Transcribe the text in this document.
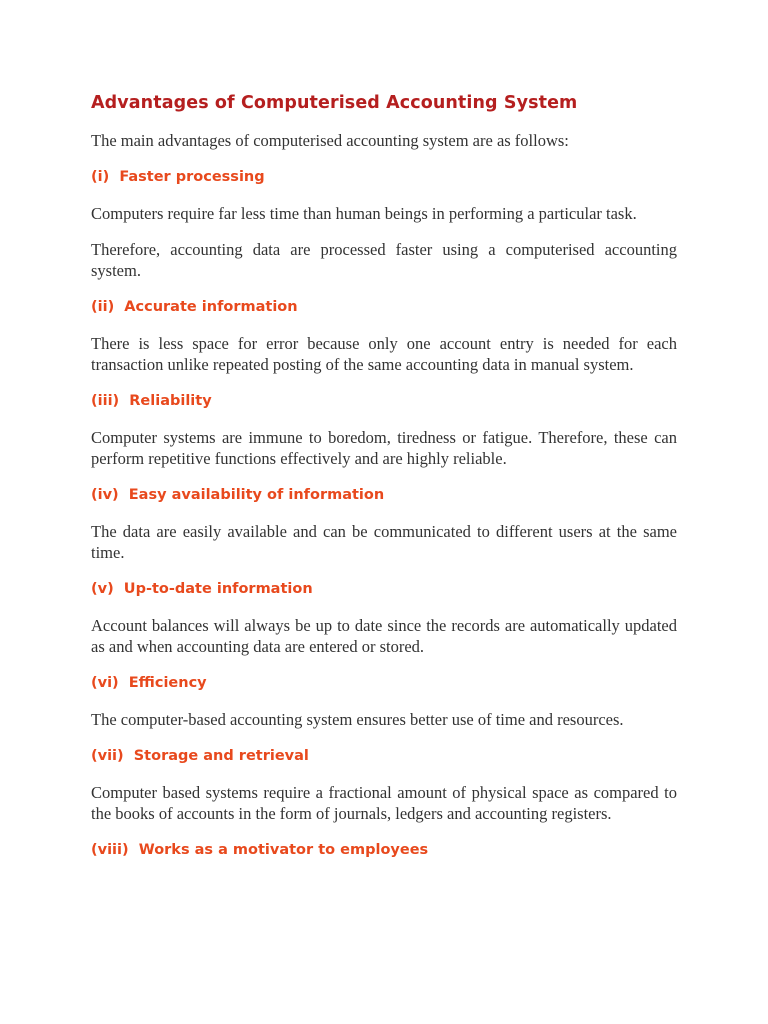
Advantages of Computerised Accounting System

The main advantages of computerised accounting system are as follows:

(i)  Faster processing

Computers require far less time than human beings in performing a particular task.

Therefore, accounting data are processed faster using a computerised accounting system.

(ii)  Accurate information

There is less space for error because only one account entry is needed for each transaction unlike repeated posting of the same accounting data in manual system.

(iii)  Reliability

Computer systems are immune to boredom, tiredness or fatigue. Therefore, these can perform repetitive functions effectively and are highly reliable.

(iv)  Easy availability of information

The data are easily available and can be communicated to different users at the same time.

(v)  Up-to-date information

Account balances will always be up to date since the records are automatically updated as and when accounting data are entered or stored.

(vi)  Efficiency

The computer-based accounting system ensures better use of time and resources.

(vii)  Storage and retrieval

Computer based systems require a fractional amount of physical space as compared to the books of accounts in the form of journals, ledgers and accounting registers.

(viii)  Works as a motivator to employees
